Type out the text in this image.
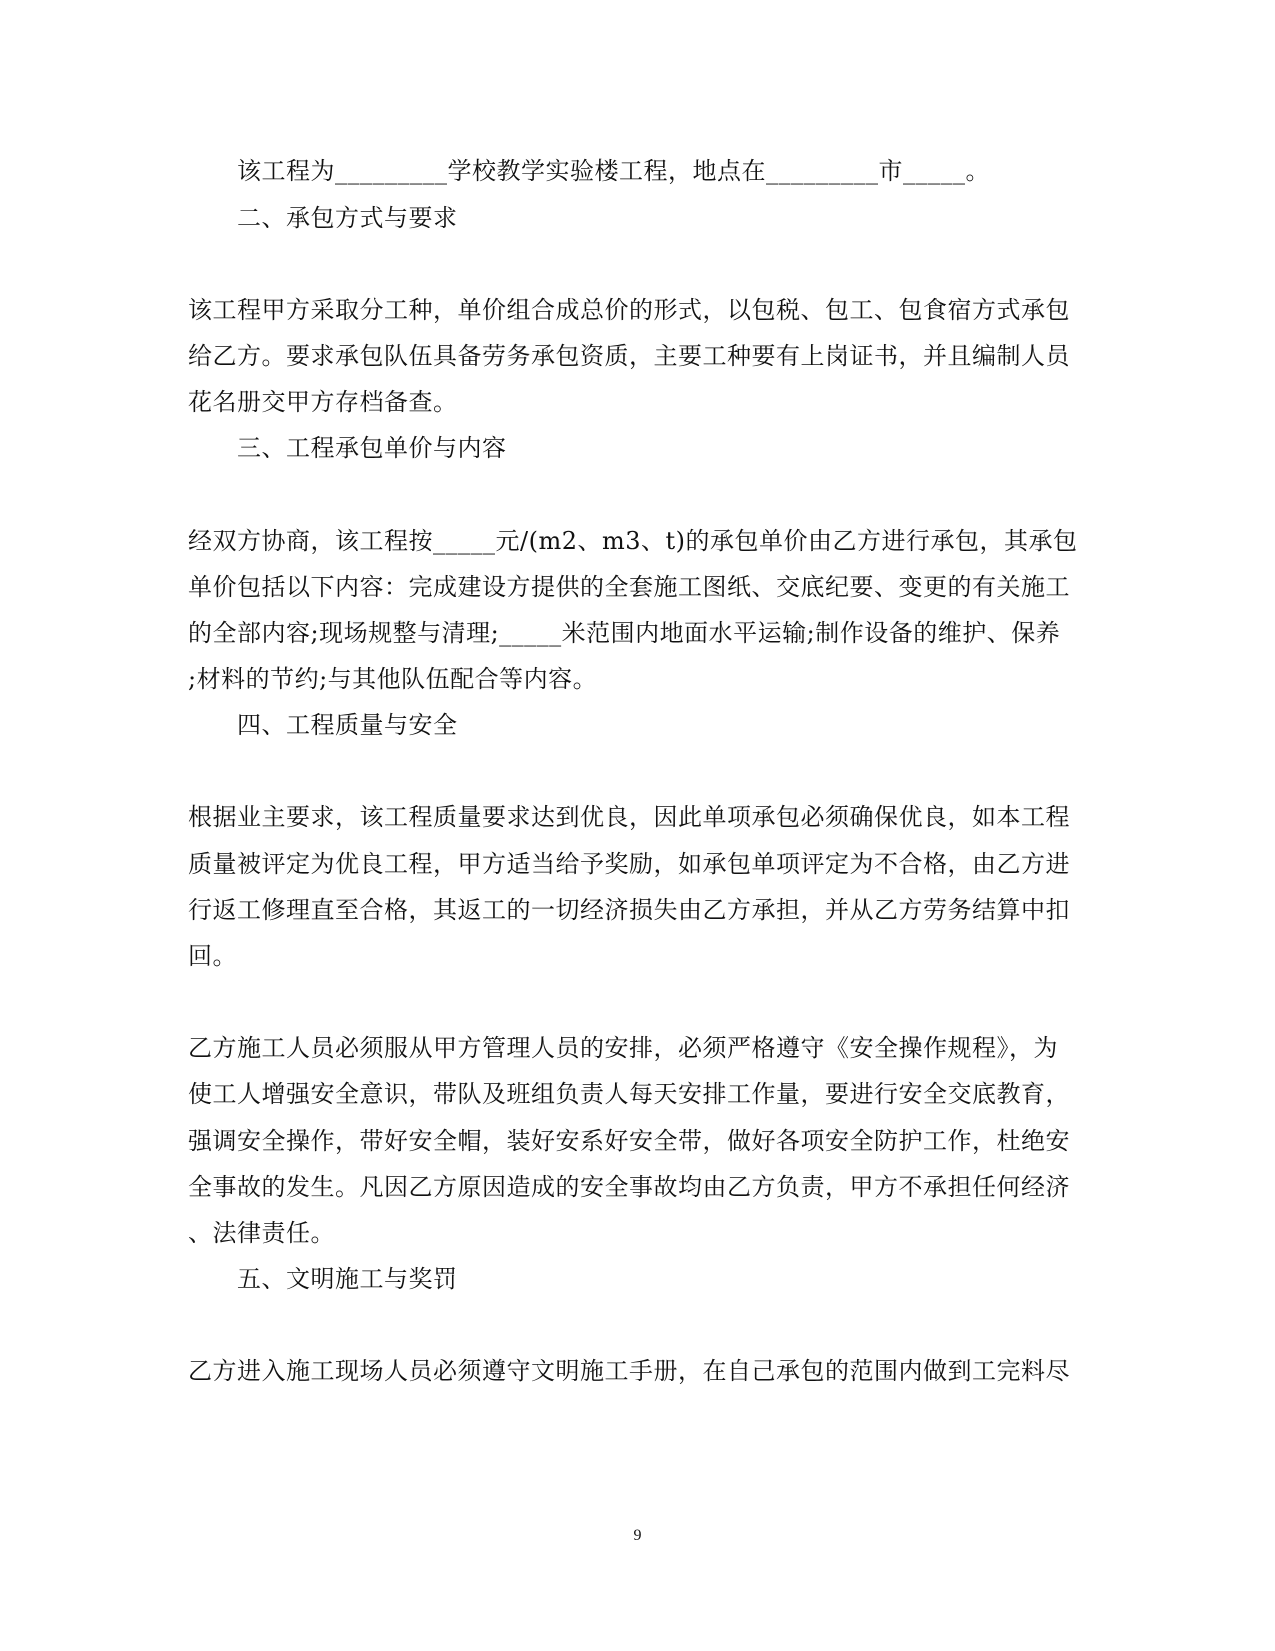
该工程为_________学校教学实验楼工程，地点在_________市_____。
二、承包方式与要求
该工程甲方采取分工种，单价组合成总价的形式，以包税、包工、包食宿方式承包
给乙方。要求承包队伍具备劳务承包资质，主要工种要有上岗证书，并且编制人员
花名册交甲方存档备查。
三、工程承包单价与内容
经双方协商，该工程按_____元/(m2、m3、t)的承包单价由乙方进行承包，其承包
单价包括以下内容：完成建设方提供的全套施工图纸、交底纪要、变更的有关施工
的全部内容;现场规整与清理;_____米范围内地面水平运输;制作设备的维护、保养
;材料的节约;与其他队伍配合等内容。
四、工程质量与安全
根据业主要求，该工程质量要求达到优良，因此单项承包必须确保优良，如本工程
质量被评定为优良工程，甲方适当给予奖励，如承包单项评定为不合格，由乙方进
行返工修理直至合格，其返工的一切经济损失由乙方承担，并从乙方劳务结算中扣
回。
乙方施工人员必须服从甲方管理人员的安排，必须严格遵守《安全操作规程》，为
使工人增强安全意识，带队及班组负责人每天安排工作量，要进行安全交底教育，
强调安全操作，带好安全帽，装好安系好安全带，做好各项安全防护工作，杜绝安
全事故的发生。凡因乙方原因造成的安全事故均由乙方负责，甲方不承担任何经济
、法律责任。
五、文明施工与奖罚
乙方进入施工现场人员必须遵守文明施工手册，在自己承包的范围内做到工完料尽
9
